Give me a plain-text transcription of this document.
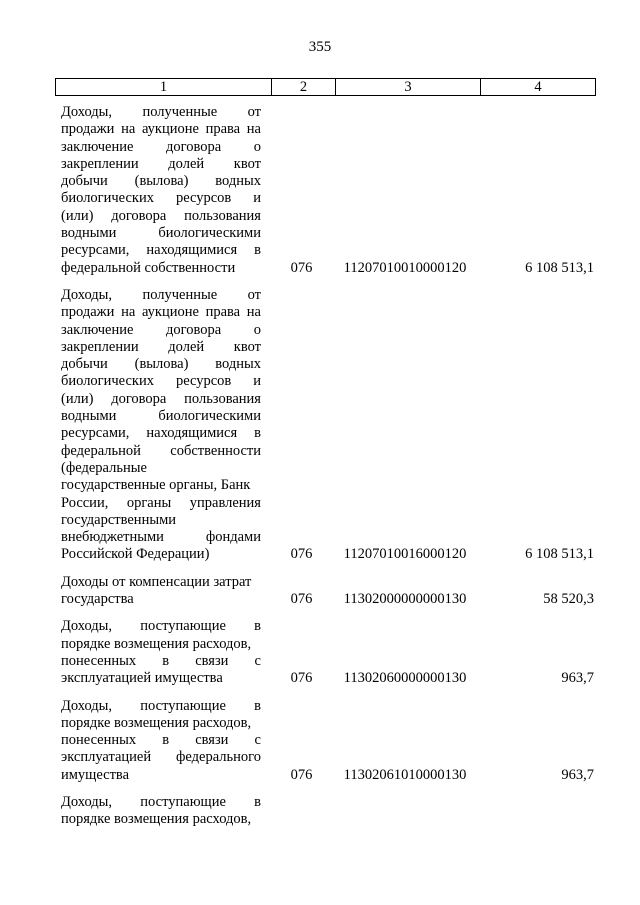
355
1	2	3	4
Доходы, полученные от
продажи на аукционе права на
заключение договора о
закреплении долей квот
добычи (вылова) водных
биологических ресурсов и
(или) договора пользования
водными	биологическими
ресурсами, находящимися в
федеральной собственности	076	11207010010000120	6 108 513,1
Доходы, полученные от
продажи на аукционе права на
заключение договора о
закреплении долей квот
добычи (вылова) водных
биологических ресурсов и
(или) договора пользования
водными	биологическими
ресурсами, находящимися в
федеральной собственности
(федеральные
государственные органы, Банк
России, органы управления
государственными
внебюджетными	фондами
Российской Федерации)	076	11207010016000120	6 108 513,1
Доходы от компенсации затрат
государства	076	11302000000000130	58 520,3
Доходы, поступающие в
порядке возмещения расходов,
понесенных в связи с
эксплуатацией имущества	076	11302060000000130	963,7
Доходы, поступающие в
порядке возмещения расходов,
понесенных в связи с
эксплуатацией федерального
имущества	076	11302061010000130	963,7
Доходы, поступающие в
порядке возмещения расходов,
